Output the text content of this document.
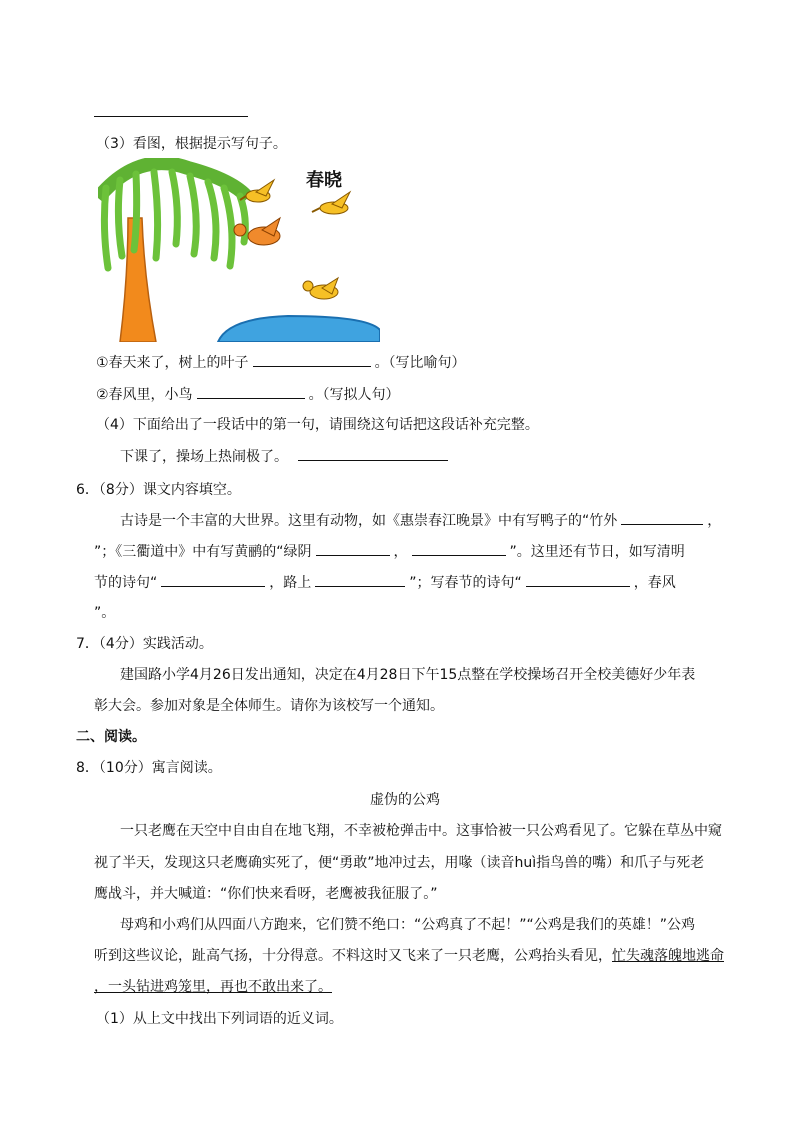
（3）看图，根据提示写句子。
春晓
①春天来了，树上的叶子	。（写比喻句）
②春风里，小鸟	。（写拟人句）
（4）下面给出了一段话中的第一句，请围绕这句话把这段话补充完整。
下课了，操场上热闹极了。
6．（8分）课文内容填空。
古诗是一个丰富的大世界。这里有动物，如《惠崇春江晚景》中有写鸭子的“竹外	，
”；《三衢道中》中有写黄鹂的“绿阴	，	”。这里还有节日，如写清明
节的诗句“	，路上	”；写春节的诗句“	，春风
”。
7．（4分）实践活动。
建国路小学4月26日发出通知，决定在4月28日下午15点整在学校操场召开全校美德好少年表
彰大会。参加对象是全体师生。请你为该校写一个通知。
二、阅读。
8．（10分）寓言阅读。
虚伪的公鸡
一只老鹰在天空中自由自在地飞翔，不幸被枪弹击中。这事恰被一只公鸡看见了。它躲在草丛中窥
视了半天，发现这只老鹰确实死了，便“勇敢”地冲过去，用喙（读音huì指鸟兽的嘴）和爪子与死老
鹰战斗，并大喊道：“你们快来看呀，老鹰被我征服了。”
母鸡和小鸡们从四面八方跑来，它们赞不绝口：“公鸡真了不起！”“公鸡是我们的英雄！”公鸡
听到这些议论，趾高气扬，十分得意。不料这时又飞来了一只老鹰，公鸡抬头看见，忙失魂落魄地逃命
，一头钻进鸡笼里，再也不敢出来了。
（1）从上文中找出下列词语的近义词。
